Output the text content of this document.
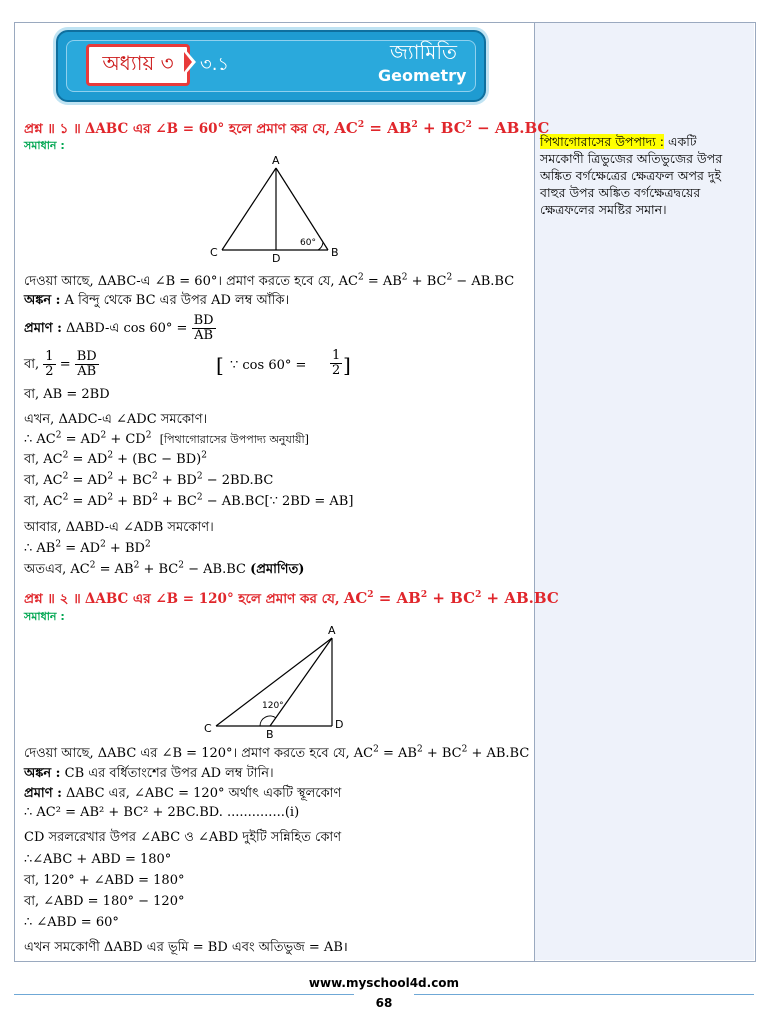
অধ্যায় ৩	৩.১
জ্যামিতি
Geometry
পিথাগোরাসের উপপাদ্য : একটি সমকোণী ত্রিভুজের অতিভুজের উপর অঙ্কিত বর্গক্ষেত্রের ক্ষেত্রফল অপর দুই বাহুর উপর অঙ্কিত বর্গক্ষেত্রদ্বয়ের ক্ষেত্রফলের সমষ্টির সমান।
প্রশ্ন ॥ ১ ॥ ΔABC এর ∠B = 60° হলে প্রমাণ কর যে, $AC^2 = AB^2 + BC^2 - AB.BC$
সমাধান :
A
C	B
D
60°
দেওয়া আছে, ΔABC-এ ∠B = 60°। প্রমাণ করতে হবে যে, $AC^2 = AB^2 + BC^2 - AB.BC$
অঙ্কন : A বিন্দু থেকে BC এর উপর AD লম্ব আঁকি।
প্রমাণ : ΔABD-এ $\cos 60^\circ = \frac{BD}{AB}$
বা, $\frac{1}{2} = \frac{BD}{AB}$	[ ∵ $\cos 60^\circ = \frac{1}{2}$ ]
বা, AB = 2BD
এখন, ΔADC-এ ∠ADC সমকোণ।
∴ $AC^2 = AD^2 + CD^2$ [পিথাগোরাসের উপপাদ্য অনুযায়ী]
বা, $AC^2 = AD^2 + (BC - BD)^2$
বা, $AC^2 = AD^2 + BC^2 + BD^2 - 2BD.BC$
বা, $AC^2 = AD^2 + BD^2 + BC^2$ − AB.BC[∵ 2BD = AB]
আবার, ΔABD-এ ∠ADB সমকোণ।
∴ $AB^2 = AD^2 + BD^2$
অতএব, $AC^2 = AB^2 + BC^2 - AB.BC$ (প্রমাণিত)
প্রশ্ন ॥ ২ ॥ ΔABC এর ∠B = 120° হলে প্রমাণ কর যে, $AC^2 = AB^2 + BC^2 + AB.BC$
সমাধান :
A
C	B
D
120°
দেওয়া আছে, ΔABC এর ∠B = 120°। প্রমাণ করতে হবে যে, $AC^2 = AB^2 + BC^2 + AB.BC$
অঙ্কন : CB এর বর্ধিতাংশের উপর AD লম্ব টানি।
প্রমাণ : ΔABC এর, ∠ABC = 120° অর্থাৎ একটি স্থূলকোণ
∴ AC² = AB² + BC² + 2BC.BD. ..............(i)
CD সরলরেখার উপর ∠ABC ও ∠ABD দুইটি সন্নিহিত কোণ
∴∠ABC + ABD = 180°
বা, 120° + ∠ABD = 180°
বা, ∠ABD = 180° − 120°
∴ ∠ABD = 60°
এখন সমকোণী ΔABD এর ভূমি = BD এবং অতিভুজ = AB।
www.myschool4d.com
68
